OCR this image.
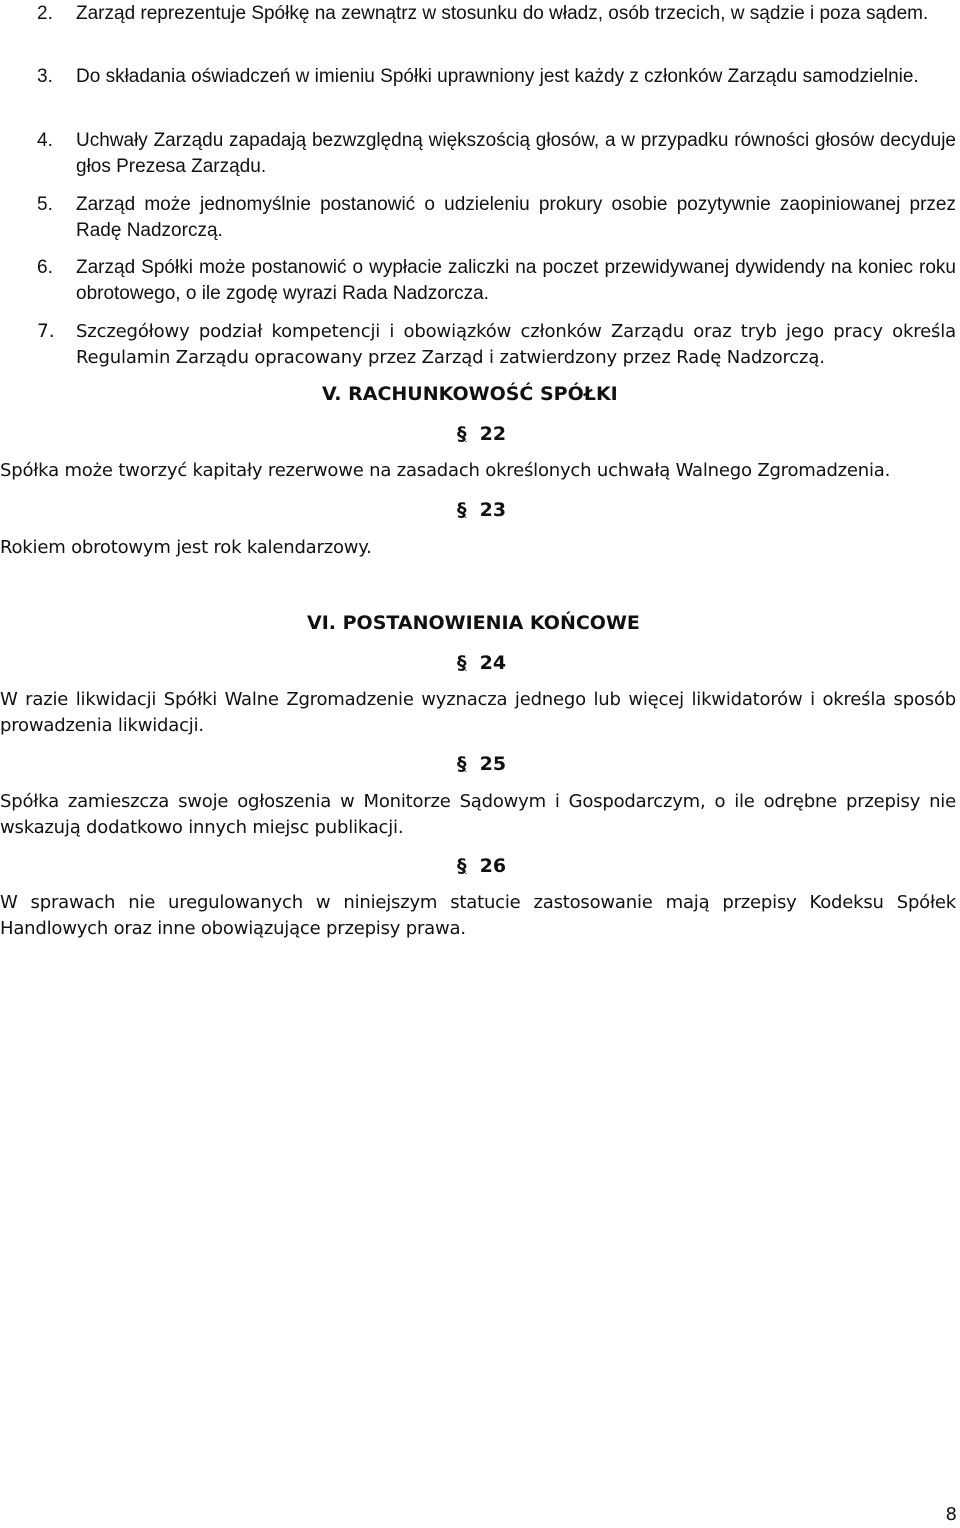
2. Zarząd reprezentuje Spółkę na zewnątrz w stosunku do władz, osób trzecich, w sądzie i poza sądem.
3. Do składania oświadczeń w imieniu Spółki uprawniony jest każdy z członków Zarządu samodzielnie.
4. Uchwały Zarządu zapadają bezwzględną większością głosów, a w przypadku równości głosów decyduje głos Prezesa Zarządu.
5. Zarząd może jednomyślnie postanowić o udzieleniu prokury osobie pozytywnie zaopiniowanej przez Radę Nadzorczą.
6. Zarząd Spółki może postanowić o wypłacie zaliczki na poczet przewidywanej dywidendy na koniec roku obrotowego, o ile zgodę wyrazi Rada Nadzorcza.
7. Szczegółowy podział kompetencji i obowiązków członków Zarządu oraz tryb jego pracy określa Regulamin Zarządu opracowany przez Zarząd i zatwierdzony przez Radę Nadzorczą.
V. RACHUNKOWOŚĆ SPÓŁKI
§ 22
Spółka może tworzyć kapitały rezerwowe na zasadach określonych uchwałą Walnego Zgromadzenia.
§ 23
Rokiem obrotowym jest rok kalendarzowy.
VI. POSTANOWIENIA KOŃCOWE
§ 24
W razie likwidacji Spółki Walne Zgromadzenie wyznacza jednego lub więcej likwidatorów i określa sposób prowadzenia likwidacji.
§ 25
Spółka zamieszcza swoje ogłoszenia w Monitorze Sądowym i Gospodarczym, o ile odrębne przepisy nie wskazują dodatkowo innych miejsc publikacji.
§ 26
W sprawach nie uregulowanych w niniejszym statucie zastosowanie mają przepisy Kodeksu Spółek Handlowych oraz inne obowiązujące przepisy prawa.
8
